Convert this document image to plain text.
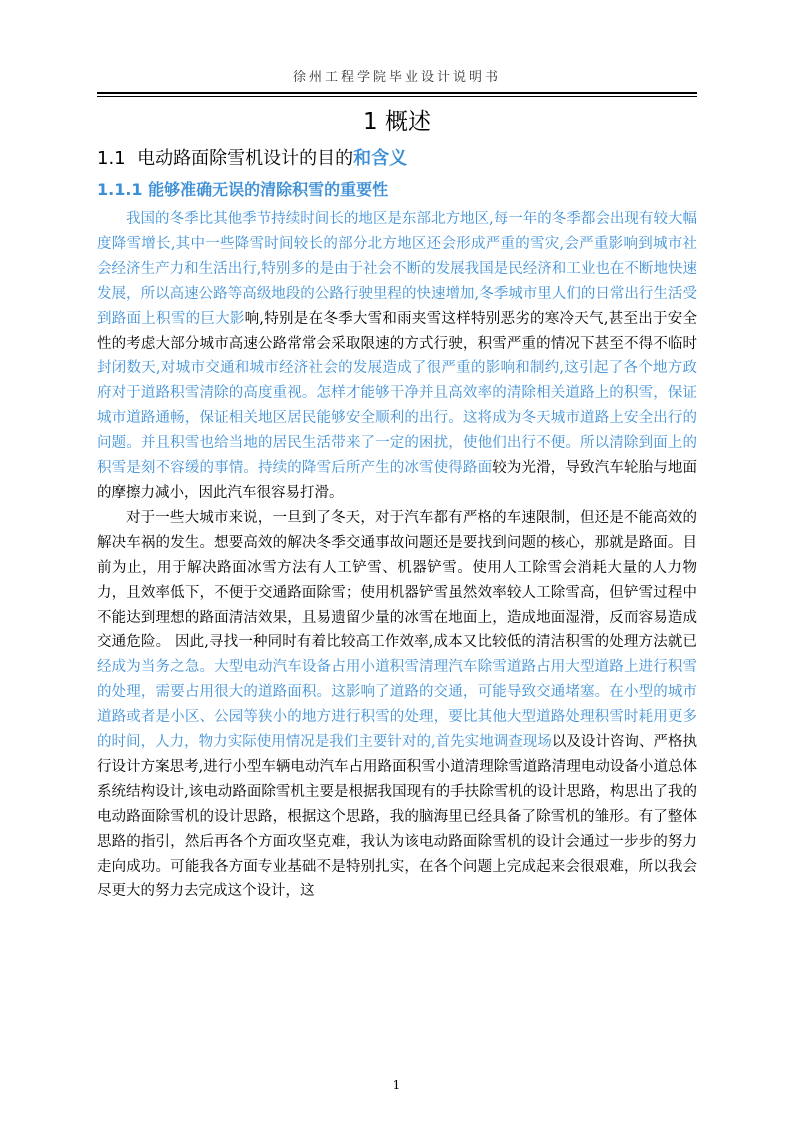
徐州工程学院毕业设计说明书
1 概述
1.1 电动路面除雪机设计的目的和含义
1.1.1 能够准确无误的清除积雪的重要性

我国的冬季比其他季节持续时间长的地区是东部北方地区,每一年的冬季都会出现有较大幅度降雪增长,其中一些降雪时间较长的部分北方地区还会形成严重的雪灾,会严重影响到城市社会经济生产力和生活出行,特别多的是由于社会不断的发展我国是民经济和工业也在不断地快速发展，所以高速公路等高级地段的公路行驶里程的快速增加,冬季城市里人们的日常出行生活受到路面上积雪的巨大影响,特别是在冬季大雪和雨夹雪这样特别恶劣的寒冷天气,甚至出于安全性的考虑大部分城市高速公路常常会采取限速的方式行驶，积雪严重的情况下甚至不得不临时封闭数天,对城市交通和城市经济社会的发展造成了很严重的影响和制约,这引起了各个地方政府对于道路积雪清除的高度重视。怎样才能够干净并且高效率的清除相关道路上的积雪，保证城市道路通畅，保证相关地区居民能够安全顺利的出行。这将成为冬天城市道路上安全出行的问题。并且积雪也给当地的居民生活带来了一定的困扰，使他们出行不便。所以清除到面上的积雪是刻不容缓的事情。持续的降雪后所产生的冰雪使得路面较为光滑，导致汽车轮胎与地面的摩擦力减小，因此汽车很容易打滑。

对于一些大城市来说，一旦到了冬天，对于汽车都有严格的车速限制，但还是不能高效的解决车祸的发生。想要高效的解决冬季交通事故问题还是要找到问题的核心，那就是路面。目前为止，用于解决路面冰雪方法有人工铲雪、机器铲雪。使用人工除雪会消耗大量的人力物力，且效率低下，不便于交通路面除雪；使用机器铲雪虽然效率较人工除雪高，但铲雪过程中不能达到理想的路面清洁效果，且易遗留少量的冰雪在地面上，造成地面湿滑，反而容易造成交通危险。 因此,寻找一种同时有着比较高工作效率,成本又比较低的清洁积雪的处理方法就已经成为当务之急。大型电动汽车设备占用小道积雪清理汽车除雪道路占用大型道路上进行积雪的处理，需要占用很大的道路面积。这影响了道路的交通，可能导致交通堵塞。在小型的城市道路或者是小区、公园等狭小的地方进行积雪的处理，要比其他大型道路处理积雪时耗用更多的时间，人力，物力实际使用情况是我们主要针对的,首先实地调查现场以及设计咨询、严格执行设计方案思考,进行小型车辆电动汽车占用路面积雪小道清理除雪道路清理电动设备小道总体系统结构设计,该电动路面除雪机主要是根据我国现有的手扶除雪机的设计思路，构思出了我的电动路面除雪机的设计思路，根据这个思路，我的脑海里已经具备了除雪机的雏形。有了整体思路的指引，然后再各个方面攻坚克难，我认为该电动路面除雪机的设计会通过一步步的努力走向成功。可能我各方面专业基础不是特别扎实，在各个问题上完成起来会很艰难，所以我会尽更大的努力去完成这个设计，这

1
